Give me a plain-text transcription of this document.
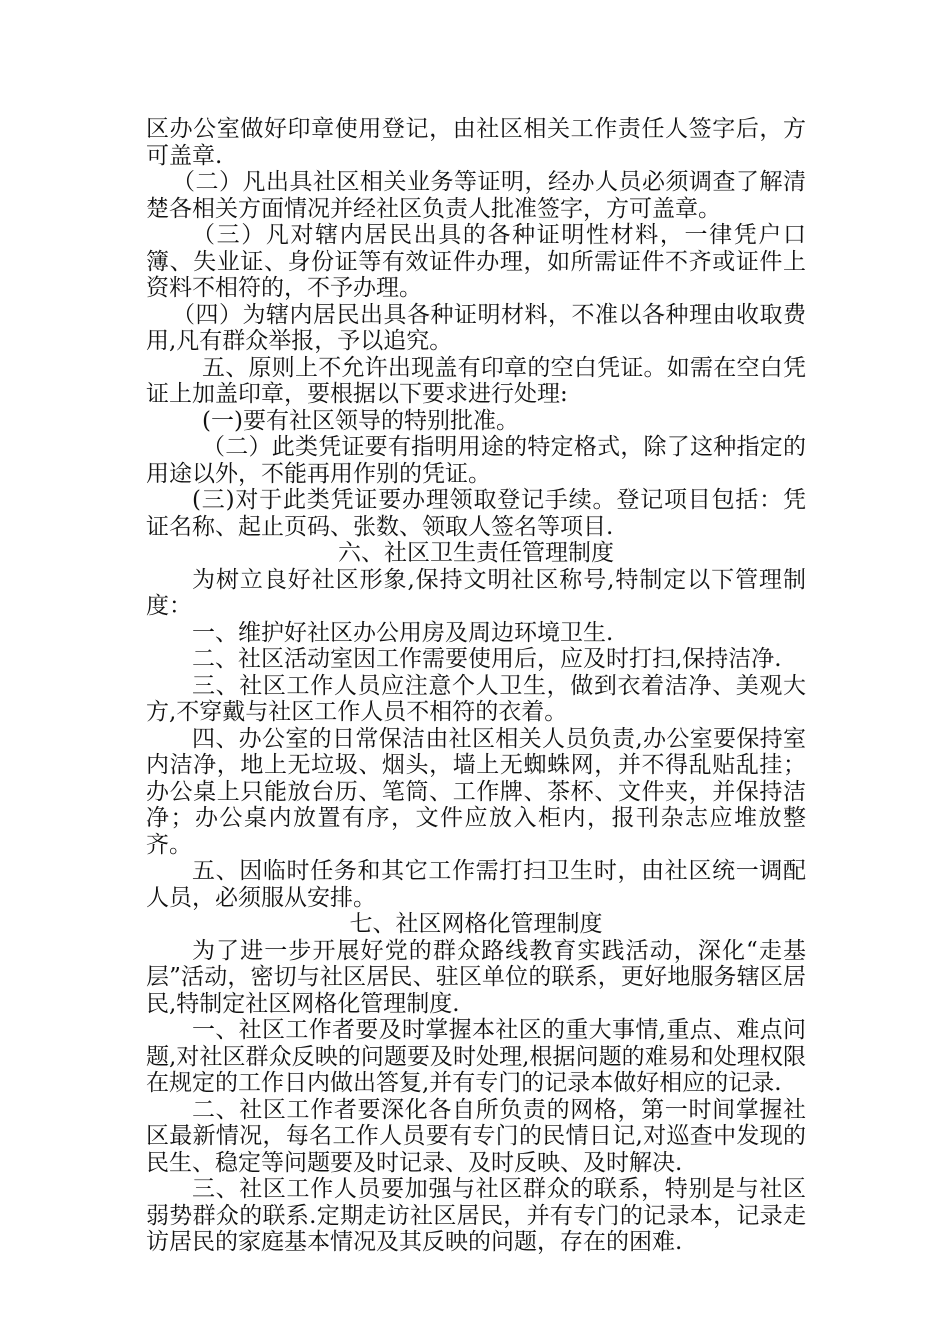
区办公室做好印章使用登记，由社区相关工作责任人签字后，方可盖章.

（二）凡出具社区相关业务等证明，经办人员必须调查了解清楚各相关方面情况并经社区负责人批准签字，方可盖章。

（三）凡对辖内居民出具的各种证明性材料，一律凭户口簿、失业证、身份证等有效证件办理，如所需证件不齐或证件上资料不相符的，不予办理。

（四）为辖内居民出具各种证明材料，不准以各种理由收取费用,凡有群众举报，予以追究。

五、原则上不允许出现盖有印章的空白凭证。如需在空白凭证上加盖印章，要根据以下要求进行处理:

(一)要有社区领导的特别批准。

（二）此类凭证要有指明用途的特定格式，除了这种指定的用途以外，不能再用作别的凭证。

(三)对于此类凭证要办理领取登记手续。登记项目包括：凭证名称、起止页码、张数、领取人签名等项目.

六、社区卫生责任管理制度

为树立良好社区形象,保持文明社区称号,特制定以下管理制度：

一、维护好社区办公用房及周边环境卫生.

二、社区活动室因工作需要使用后，应及时打扫,保持洁净.

三、社区工作人员应注意个人卫生，做到衣着洁净、美观大方,不穿戴与社区工作人员不相符的衣着。

四、办公室的日常保洁由社区相关人员负责,办公室要保持室内洁净，地上无垃圾、烟头，墙上无蜘蛛网，并不得乱贴乱挂；办公桌上只能放台历、笔筒、工作牌、茶杯、文件夹，并保持洁净；办公桌内放置有序，文件应放入柜内，报刊杂志应堆放整齐。

五、因临时任务和其它工作需打扫卫生时，由社区统一调配人员，必须服从安排。

七、社区网格化管理制度

为了进一步开展好党的群众路线教育实践活动，深化“走基层”活动，密切与社区居民、驻区单位的联系，更好地服务辖区居民,特制定社区网格化管理制度.

一、社区工作者要及时掌握本社区的重大事情,重点、难点问题,对社区群众反映的问题要及时处理,根据问题的难易和处理权限在规定的工作日内做出答复,并有专门的记录本做好相应的记录.

二、社区工作者要深化各自所负责的网格，第一时间掌握社区最新情况，每名工作人员要有专门的民情日记,对巡查中发现的民生、稳定等问题要及时记录、及时反映、及时解决.

三、社区工作人员要加强与社区群众的联系，特别是与社区弱势群众的联系.定期走访社区居民，并有专门的记录本，记录走访居民的家庭基本情况及其反映的问题，存在的困难.
